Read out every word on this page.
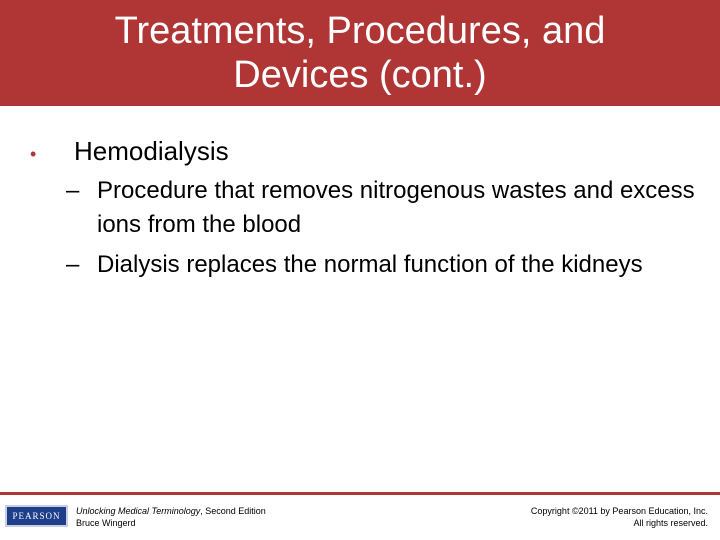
Treatments, Procedures, and
Devices (cont.)
•	Hemodialysis
– Procedure that removes nitrogenous wastes and excess ions from the blood
– Dialysis replaces the normal function of the kidneys
PEARSON Unlocking Medical Terminology, Second Edition
Bruce Wingerd
Copyright ©2011 by Pearson Education, Inc.
All rights reserved.
